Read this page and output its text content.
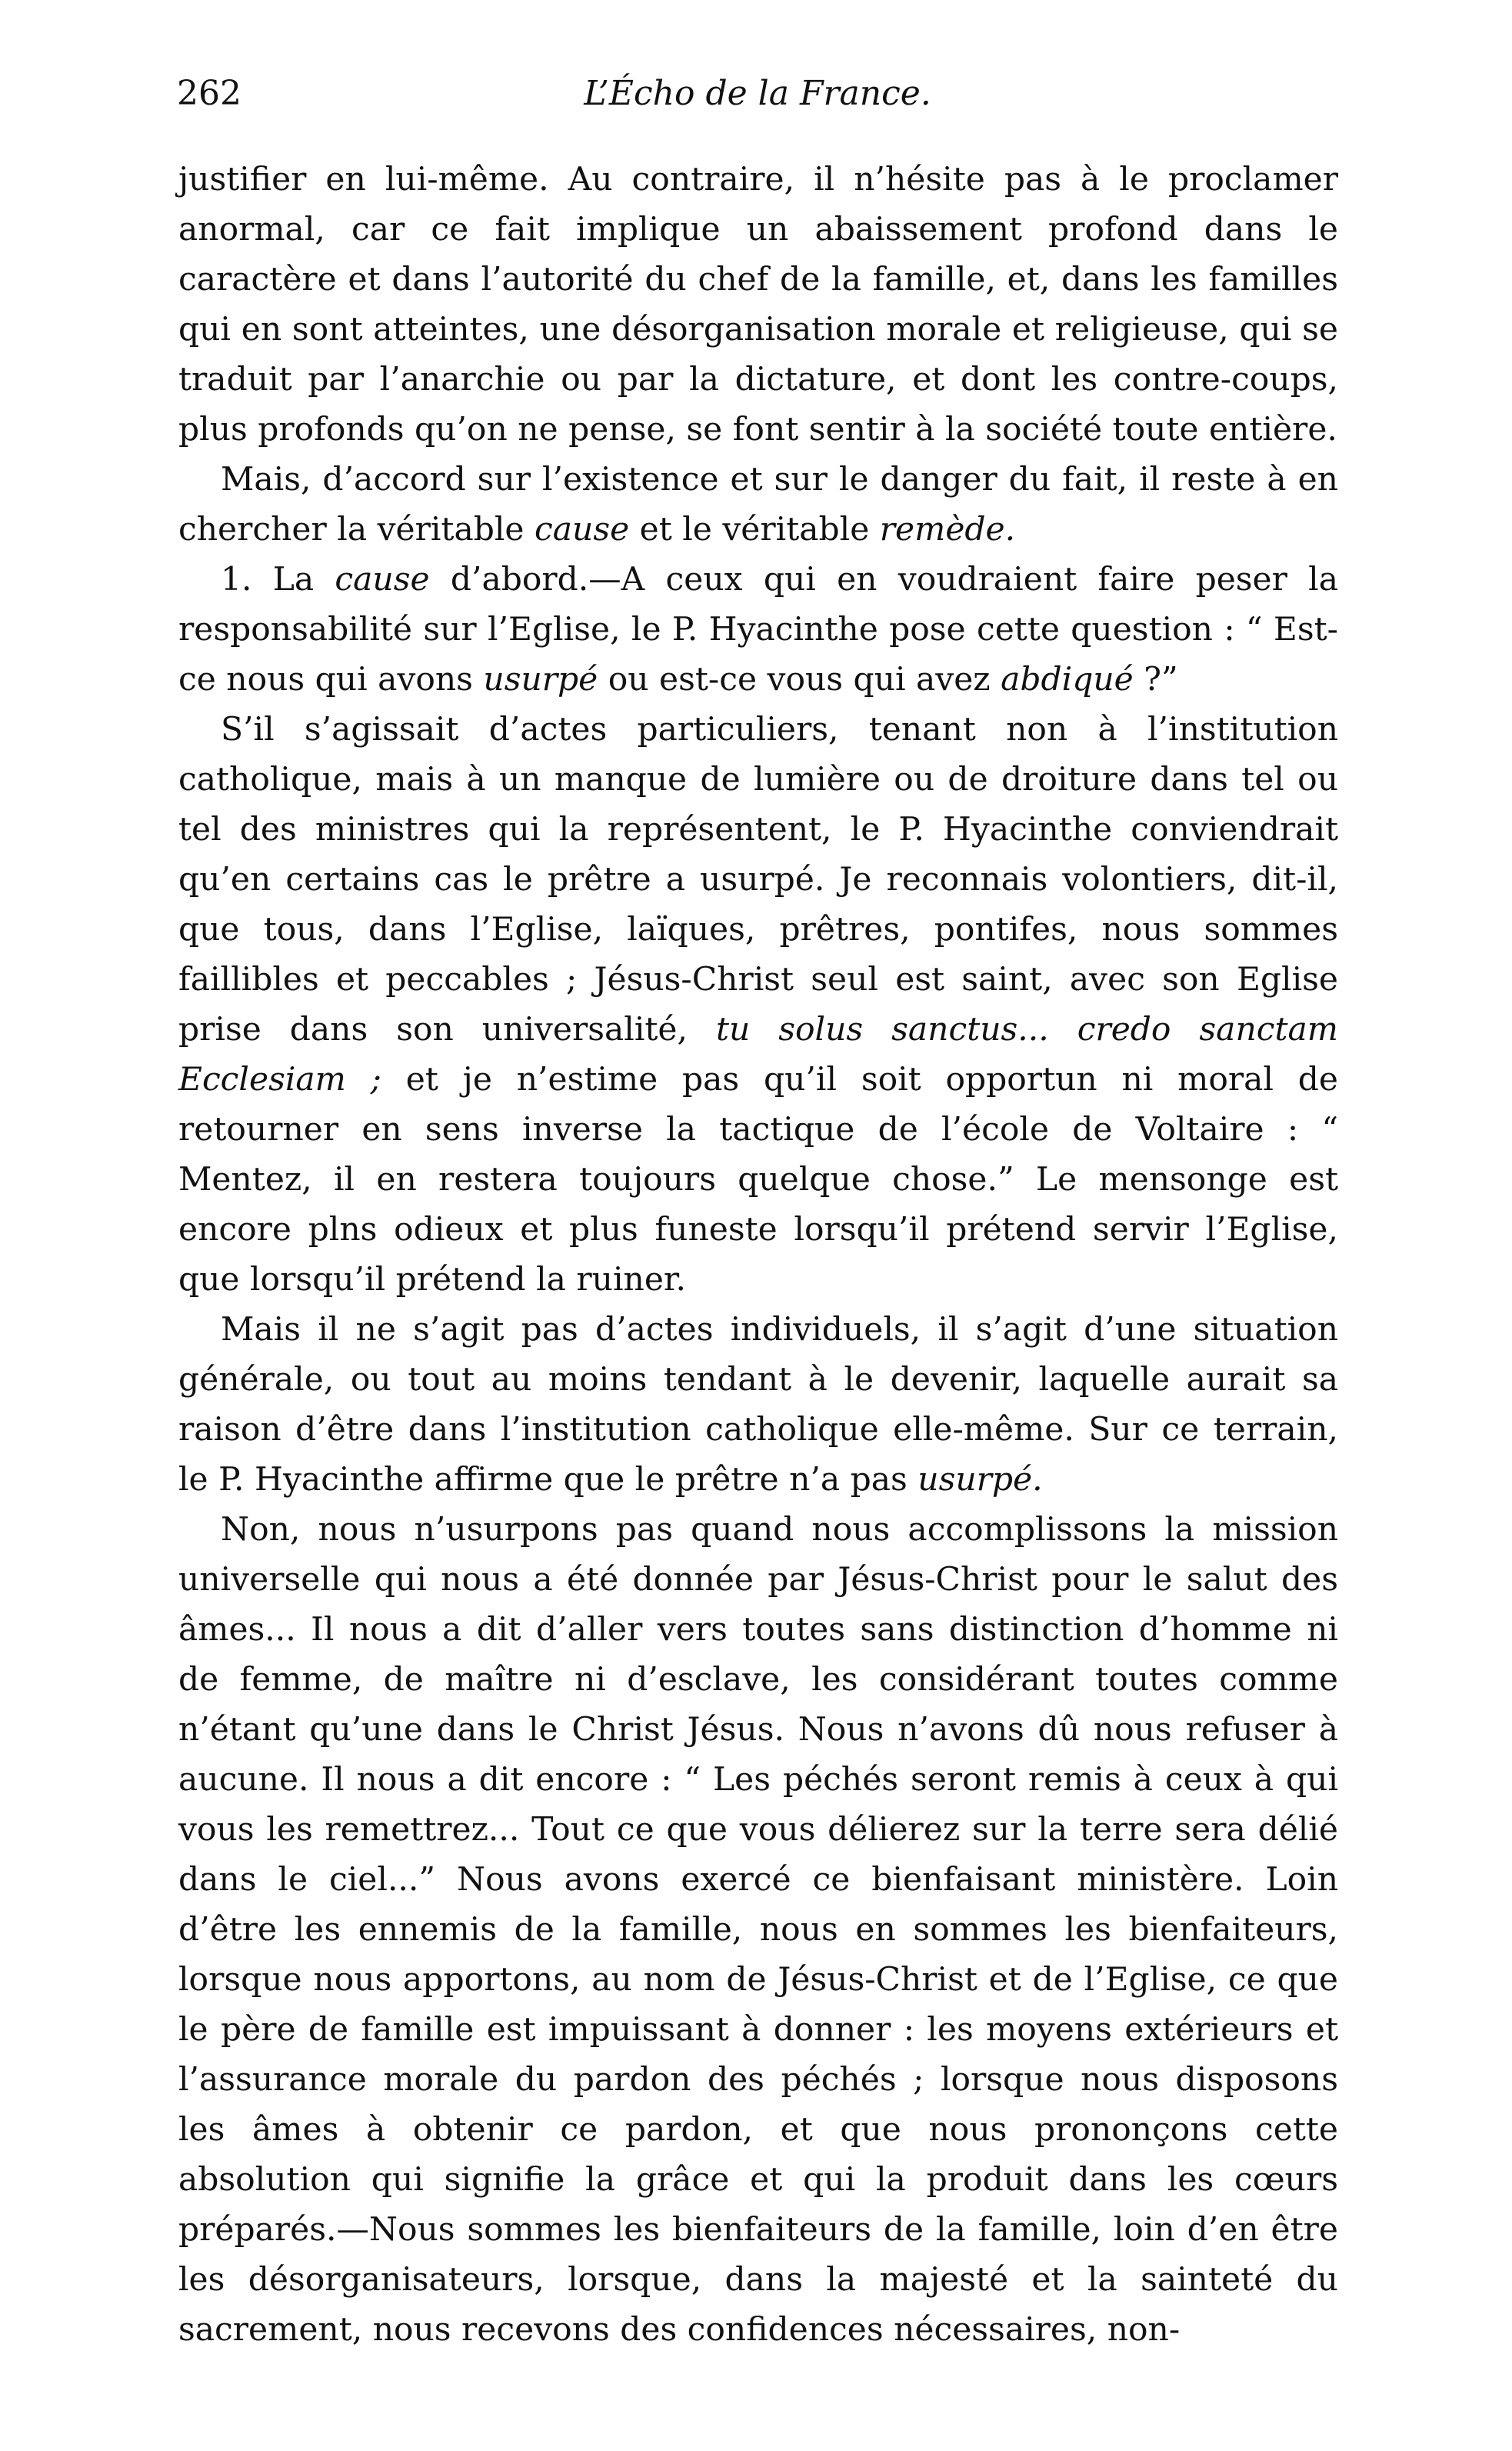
262	L’Écho de la France.

justifier en lui-même. Au contraire, il n’hésite pas à le proclamer anormal, car ce fait implique un abaissement profond dans le caractère et dans l’autorité du chef de la famille, et, dans les familles qui en sont atteintes, une désorganisation morale et religieuse, qui se traduit par l’anarchie ou par la dictature, et dont les contre-coups, plus profonds qu’on ne pense, se font sentir à la société toute entière.

Mais, d’accord sur l’existence et sur le danger du fait, il reste à en chercher la véritable cause et le véritable remède.

1. La cause d’abord.—A ceux qui en voudraient faire peser la responsabilité sur l’Eglise, le P. Hyacinthe pose cette question : “ Est-ce nous qui avons usurpé ou est-ce vous qui avez abdiqué ?”

S’il s’agissait d’actes particuliers, tenant non à l’institution catholique, mais à un manque de lumière ou de droiture dans tel ou tel des ministres qui la représentent, le P. Hyacinthe conviendrait qu’en certains cas le prêtre a usurpé. Je reconnais volontiers, dit-il, que tous, dans l’Eglise, laïques, prêtres, pontifes, nous sommes faillibles et peccables ; Jésus-Christ seul est saint, avec son Eglise prise dans son universalité, tu solus sanctus... credo sanctam Ecclesiam ; et je n’estime pas qu’il soit opportun ni moral de retourner en sens inverse la tactique de l’école de Voltaire : “ Mentez, il en restera toujours quelque chose.” Le mensonge est encore plns odieux et plus funeste lorsqu’il prétend servir l’Eglise, que lorsqu’il prétend la ruiner.

Mais il ne s’agit pas d’actes individuels, il s’agit d’une situation générale, ou tout au moins tendant à le devenir, laquelle aurait sa raison d’être dans l’institution catholique elle-même. Sur ce terrain, le P. Hyacinthe affirme que le prêtre n’a pas usurpé.

Non, nous n’usurpons pas quand nous accomplissons la mission universelle qui nous a été donnée par Jésus-Christ pour le salut des âmes... Il nous a dit d’aller vers toutes sans distinction d’homme ni de femme, de maître ni d’esclave, les considérant toutes comme n’étant qu’une dans le Christ Jésus. Nous n’avons dû nous refuser à aucune. Il nous a dit encore : “ Les péchés seront remis à ceux à qui vous les remettrez... Tout ce que vous délierez sur la terre sera délié dans le ciel...” Nous avons exercé ce bienfaisant ministère. Loin d’être les ennemis de la famille, nous en sommes les bienfaiteurs, lorsque nous apportons, au nom de Jésus-Christ et de l’Eglise, ce que le père de famille est impuissant à donner : les moyens extérieurs et l’assurance morale du pardon des péchés ; lorsque nous disposons les âmes à obtenir ce pardon, et que nous prononçons cette absolution qui signifie la grâce et qui la produit dans les cœurs préparés.—Nous sommes les bienfaiteurs de la famille, loin d’en être les désorganisateurs, lorsque, dans la majesté et la sainteté du sacrement, nous recevons des confidences nécessaires, non-
